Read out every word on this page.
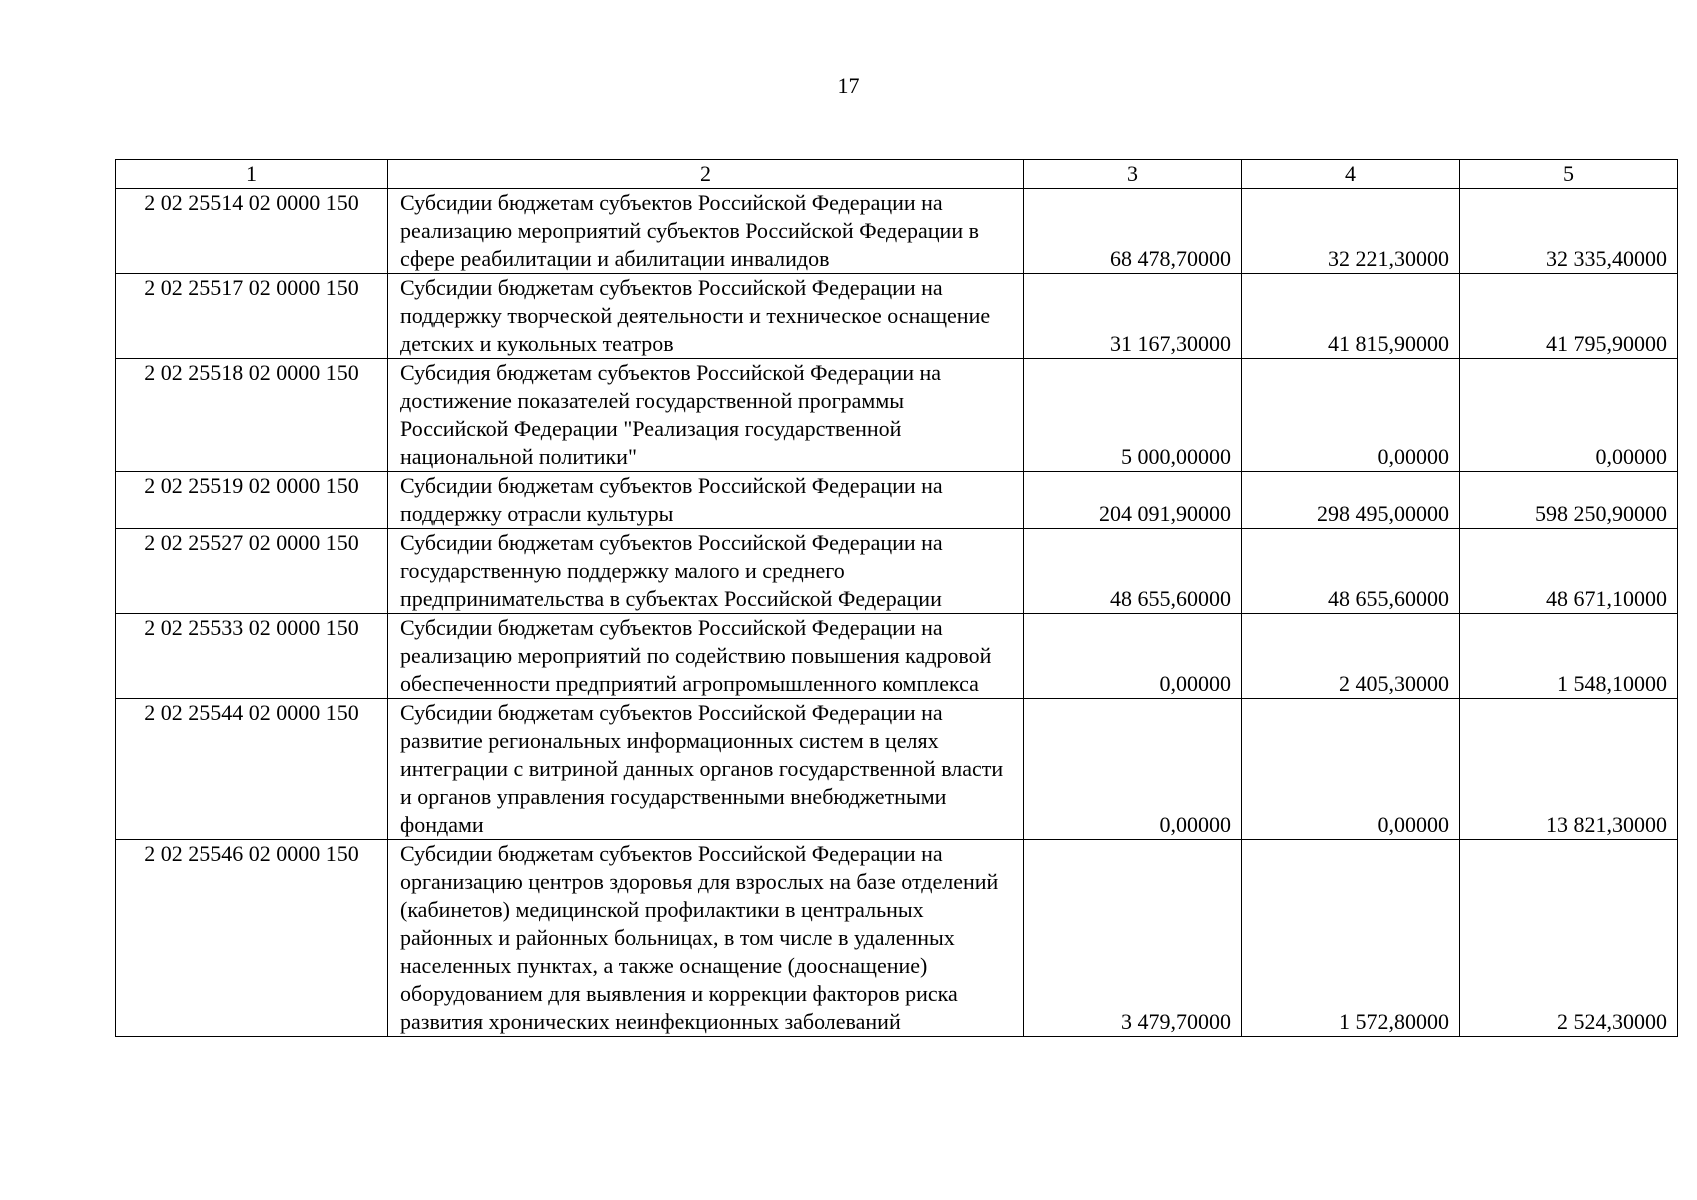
17
1	2	3	4	5
2 02 25514 02 0000 150	Субсидии бюджетам субъектов Российской Федерации на реализацию мероприятий субъектов Российской Федерации в сфере реабилитации и абилитации инвалидов	68 478,70000	32 221,30000	32 335,40000
2 02 25517 02 0000 150	Субсидии бюджетам субъектов Российской Федерации на поддержку творческой деятельности и техническое оснащение детских и кукольных театров	31 167,30000	41 815,90000	41 795,90000
2 02 25518 02 0000 150	Субсидия бюджетам субъектов Российской Федерации на достижение показателей государственной программы Российской Федерации "Реализация государственной национальной политики"	5 000,00000	0,00000	0,00000
2 02 25519 02 0000 150	Субсидии бюджетам субъектов Российской Федерации на поддержку отрасли культуры	204 091,90000	298 495,00000	598 250,90000
2 02 25527 02 0000 150	Субсидии бюджетам субъектов Российской Федерации на государственную поддержку малого и среднего предпринимательства в субъектах Российской Федерации	48 655,60000	48 655,60000	48 671,10000
2 02 25533 02 0000 150	Субсидии бюджетам субъектов Российской Федерации на реализацию мероприятий по содействию повышения кадровой обеспеченности предприятий агропромышленного комплекса	0,00000	2 405,30000	1 548,10000
2 02 25544 02 0000 150	Субсидии бюджетам субъектов Российской Федерации на развитие региональных информационных систем в целях интеграции с витриной данных органов государственной власти и органов управления государственными внебюджетными фондами	0,00000	0,00000	13 821,30000
2 02 25546 02 0000 150	Субсидии бюджетам субъектов Российской Федерации на организацию центров здоровья для взрослых на базе отделений (кабинетов) медицинской профилактики в центральных районных и районных больницах, в том числе в удаленных населенных пунктах, а также оснащение (дооснащение) оборудованием для выявления и коррекции факторов риска развития хронических неинфекционных заболеваний	3 479,70000	1 572,80000	2 524,30000
